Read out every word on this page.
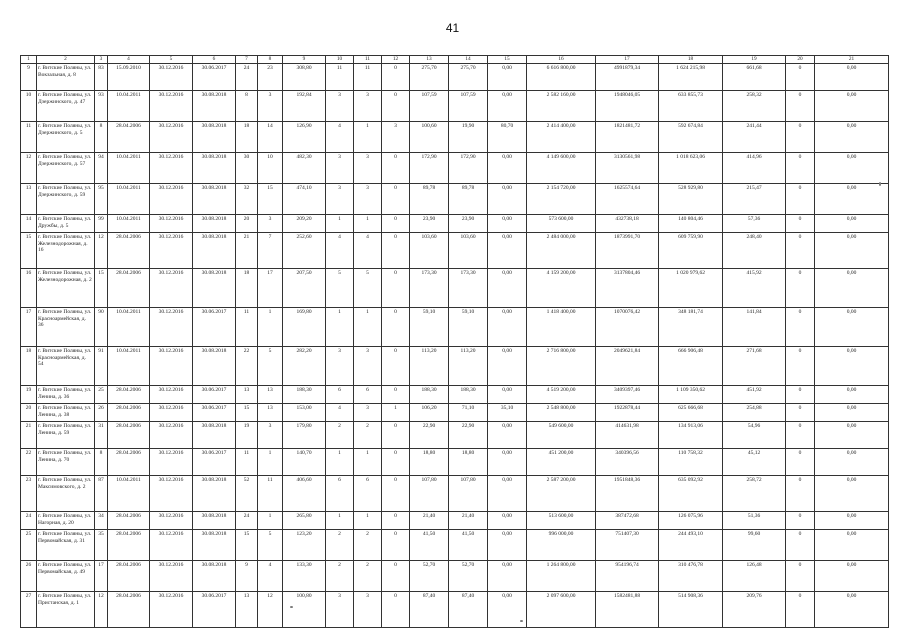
41
1	2	3	4	5	6	7	8	9	10	11	12	13	14	15	16	17	18	19	20	21
9	г. Витские Поляны, ул. Вокзальная, д. 8	83	15.09.2010	30.12.2016	30.06.2017	24	23	308,80	11	11	0	275,70	275,70	0,00	6 616 800,00	4991879,34	1 624 215,98	661,68	0	0,00
10	г. Витские Поляны, ул. Дзержинского, д. 47	93	10.04.2011	30.12.2016	30.08.2018	8	3	192,84	3	3	0	107,59	107,59	0,00	2 582 160,00	1948046,05	633 855,73	258,32	0	0,00
11	г. Витские Поляны, ул. Дзержинского, д. 5	8	28.04.2006	30.12.2016	30.08.2018	18	14	126,90	4	1	3	100,60	19,90	80,70	2 414 400,00	1821481,72	592 674,84	241,44	0	0,00
12	г. Витские Поляны, ул. Дзержинского, д. 57	94	10.04.2011	30.12.2016	30.08.2018	30	10	482,30	3	3	0	172,90	172,90	0,00	4 149 600,00	3130561,98	1 018 623,06	414,96	0	0,00
13	г. Витские Поляны, ул. Дзержинского, д. 59	95	10.04.2011	30.12.2016	30.08.2018	32	15	474,10	3	3	0	89,78	89,78	0,00	2 154 720,00	1625574,64	528 929,80	215,47	0	0,00
14	г. Витские Поляны, ул. Дружбы, д. 5	99	10.04.2011	30.12.2016	30.08.2018	20	3	209,20	1	1	0	23,90	23,90	0,00	573 600,00	432738,18	140 804,46	57,36	0	0,00
15	г. Витские Поляны, ул. Железнодорожная, д. 16	12	28.04.2006	30.12.2016	30.08.2018	21	7	252,60	4	4	0	103,60	103,60	0,00	2 484 000,00	1873991,70	609 759,90	248,40	0	0,00
16	г. Витские Поляны, ул. Железнодорожная, д. 2	15	28.04.2006	30.12.2016	30.08.2018	18	17	207,50	5	5	0	173,30	173,30	0,00	4 159 200,00	3137804,46	1 020 979,62	415,92	0	0,00
17	г. Витские Поляны, ул. Красноармейская, д. 36	90	10.04.2011	30.12.2016	30.06.2017	11	1	169,80	1	1	0	59,10	59,10	0,00	1 418 400,00	1070076,42	348 181,74	141,84	0	0,00
18	г. Витские Поляны, ул. Красноармейская, д. 54	91	10.04.2011	30.12.2016	30.08.2018	22	5	282,20	3	3	0	113,20	113,20	0,00	2 716 800,00	2049621,84	666 906,48	271,68	0	0,00
19	г. Витские Поляны, ул. Ленина, д. 36	25	28.04.2006	30.12.2016	30.06.2017	13	13	188,30	6	6	0	188,30	188,30	0,00	4 519 200,00	3409397,46	1 109 350,62	451,92	0	0,00
20	г. Витские Поляны, ул. Ленина, д. 38	26	28.04.2006	30.12.2016	30.06.2017	15	13	153,00	4	3	1	106,20	71,10	35,10	2 548 800,00	1922878,44	625 666,68	254,88	0	0,00
21	г. Витские Поляны, ул. Ленина, д. 59	31	28.04.2006	30.12.2016	30.08.2018	19	3	179,80	2	2	0	22,90	22,90	0,00	549 600,00	414631,98	134 913,06	54,96	0	0,00
22	г. Витские Поляны, ул. Ленина, д. 70	8	28.04.2006	30.12.2016	30.06.2017	11	1	140,70	1	1	0	18,80	18,80	0,00	451 200,00	340396,56	110 758,32	45,12	0	0,00
23	г. Витские Поляны, ул. Максимовского, д. 2	87	10.04.2011	30.12.2016	30.08.2018	52	11	406,60	6	6	0	107,80	107,80	0,00	2 587 200,00	1951848,36	635 092,92	258,72	0	0,00
24	г. Витские Поляны, ул. Нагорная, д. 20	34	28.04.2006	30.12.2016	30.08.2018	24	1	265,80	1	1	0	21,40	21,40	0,00	513 600,00	387472,68	126 075,96	51,36	0	0,00
25	г. Витские Поляны, ул. Первомайская, д. 31	35	28.04.2006	30.12.2016	30.08.2018	15	5	123,20	2	2	0	41,50	41,50	0,00	996 000,00	751407,30	244 493,10	99,60	0	0,00
26	г. Витские Поляны, ул. Первомайская, д. 49	17	28.04.2006	30.12.2016	30.08.2018	9	4	133,30	2	2	0	52,70	52,70	0,00	1 264 800,00	954196,74	310 476,78	126,48	0	0,00
27	г. Витские Поляны, ул. Пристанская, д. 1	12	28.04.2006	30.12.2016	30.06.2017	13	12	100,80	3	3	0	87,40	87,40	0,00	2 097 600,00	1582481,88	514 908,36	209,76	0	0,00
